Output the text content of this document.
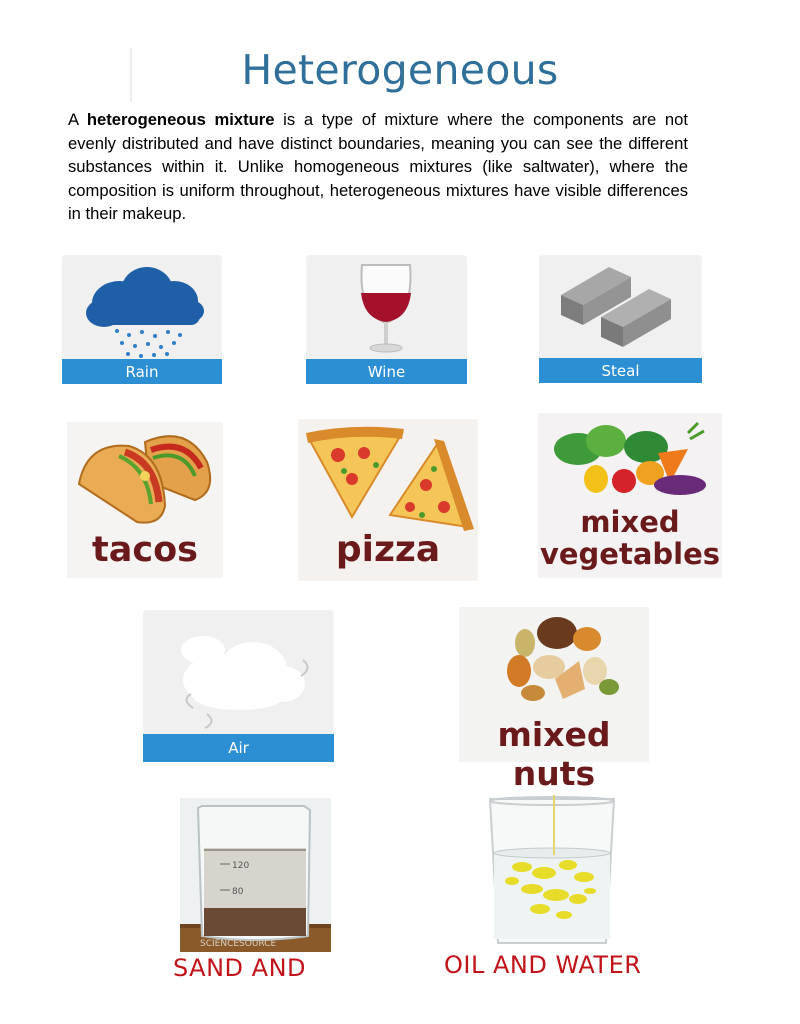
Heterogeneous

A heterogeneous mixture is a type of mixture where the components are not evenly distributed and have distinct boundaries, meaning you can see the different substances within it. Unlike homogeneous mixtures (like saltwater), where the composition is uniform throughout, heterogeneous mixtures have visible differences in their makeup.

Rain	Wine	Steal
tacos	pizza
mixed
vegetables
Air	mixed nuts
120
80
SCIENCESOURCE
SAND AND	OIL AND WATER
